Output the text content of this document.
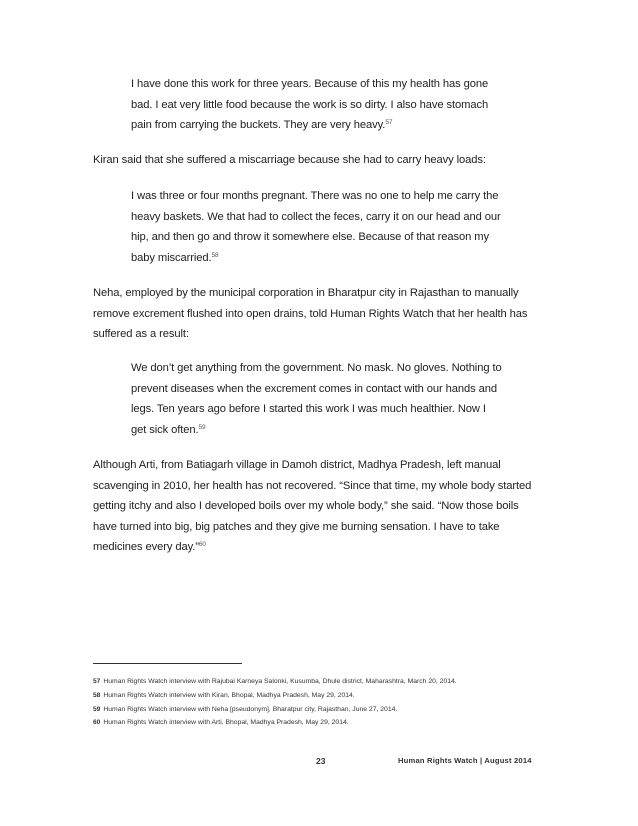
I have done this work for three years. Because of this my health has gone

bad. I eat very little food because the work is so dirty. I also have stomach

pain from carrying the buckets. They are very heavy.$^{57}$

Kiran said that she suffered a miscarriage because she had to carry heavy loads:

I was three or four months pregnant. There was no one to help me carry the

heavy baskets. We that had to collect the feces, carry it on our head and our

hip, and then go and throw it somewhere else. Because of that reason my

baby miscarried.$^{58}$

Neha, employed by the municipal corporation in Bharatpur city in Rajasthan to manually

remove excrement flushed into open drains, told Human Rights Watch that her health has

suffered as a result:

We don’t get anything from the government. No mask. No gloves. Nothing to

prevent diseases when the excrement comes in contact with our hands and

legs. Ten years ago before I started this work I was much healthier. Now I

get sick often.$^{59}$

Although Arti, from Batiagarh village in Damoh district, Madhya Pradesh, left manual

scavenging in 2010, her health has not recovered. “Since that time, my whole body started

getting itchy and also I developed boils over my whole body,” she said. “Now those boils

have turned into big, big patches and they give me burning sensation. I have to take

medicines every day.”$^{60}$

57 Human Rights Watch interview with Rajubai Karneya Salonki, Kusumba, Dhule district, Maharashtra, March 20, 2014.
58 Human Rights Watch interview with Kiran, Bhopal, Madhya Pradesh, May 29, 2014.
59 Human Rights Watch interview with Neha [pseudonym], Bharatpur city, Rajasthan, June 27, 2014.
60 Human Rights Watch interview with Arti, Bhopal, Madhya Pradesh, May 29, 2014.
23	Human Rights Watch | August 2014
